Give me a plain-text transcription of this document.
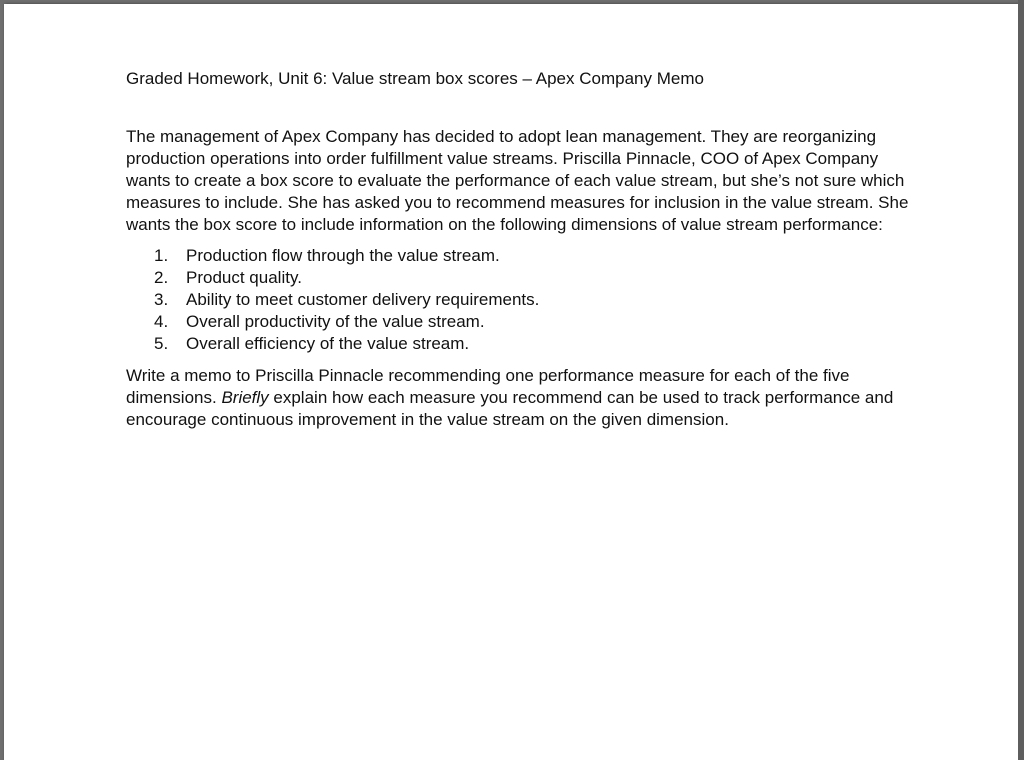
Graded Homework, Unit 6: Value stream box scores – Apex Company Memo

The management of Apex Company has decided to adopt lean management. They are reorganizing production operations into order fulfillment value streams. Priscilla Pinnacle, COO of Apex Company wants to create a box score to evaluate the performance of each value stream, but she’s not sure which measures to include. She has asked you to recommend measures for inclusion in the value stream. She wants the box score to include information on the following dimensions of value stream performance:

1.	Production flow through the value stream.
2.	Product quality.
3.	Ability to meet customer delivery requirements.
4.	Overall productivity of the value stream.
5.	Overall efficiency of the value stream.

Write a memo to Priscilla Pinnacle recommending one performance measure for each of the five dimensions. Briefly explain how each measure you recommend can be used to track performance and encourage continuous improvement in the value stream on the given dimension.
